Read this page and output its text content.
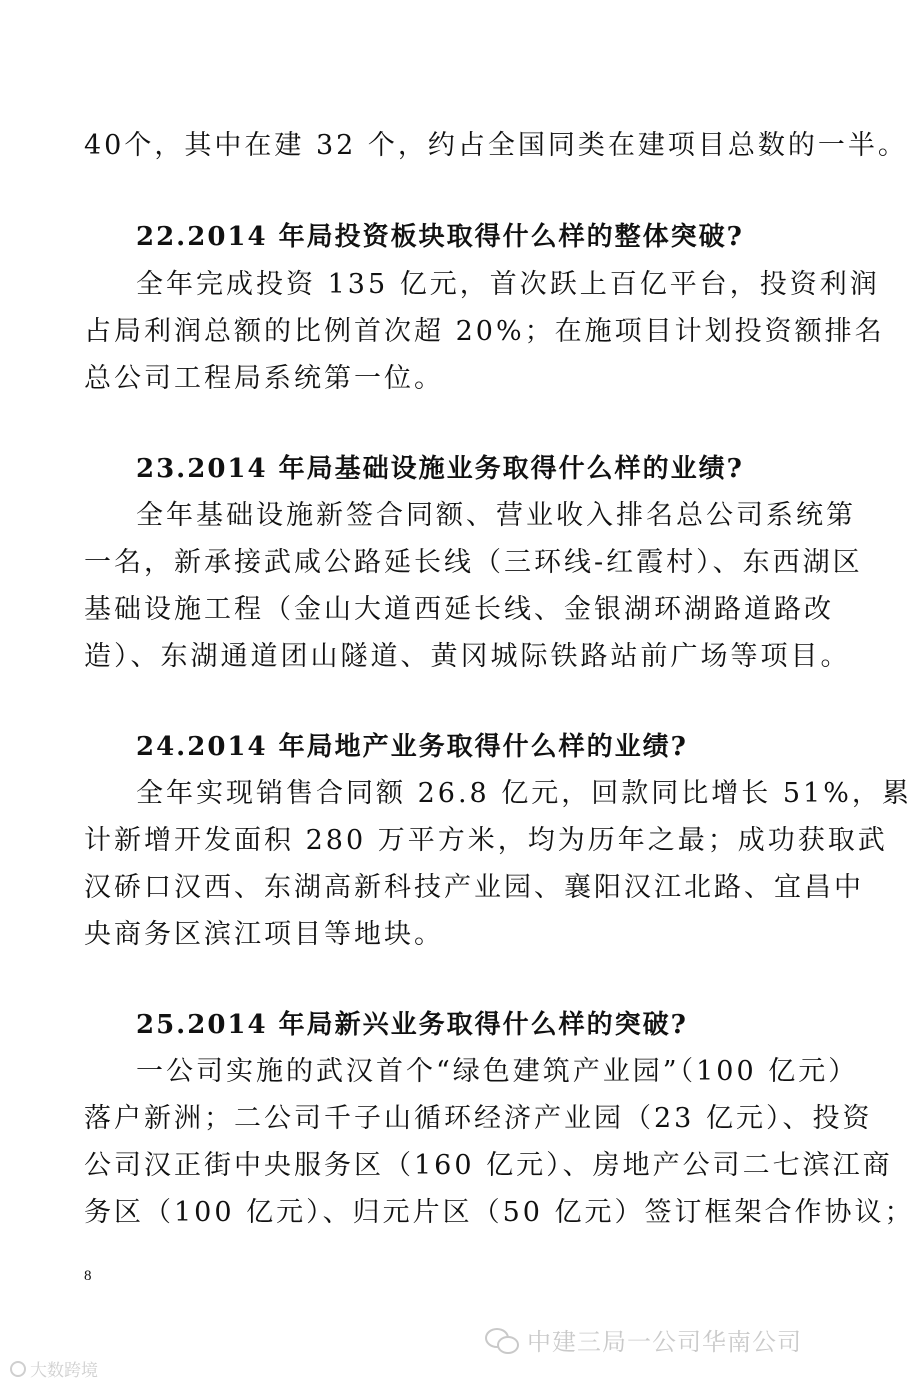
40个，其中在建 32 个，约占全国同类在建项目总数的一半。
22.2014 年局投资板块取得什么样的整体突破?
全年完成投资 135 亿元，首次跃上百亿平台，投资利润
占局利润总额的比例首次超 20%；在施项目计划投资额排名
总公司工程局系统第一位。
23.2014 年局基础设施业务取得什么样的业绩?
全年基础设施新签合同额、营业收入排名总公司系统第
一名，新承接武咸公路延长线（三环线-红霞村）、东西湖区
基础设施工程（金山大道西延长线、金银湖环湖路道路改
造）、东湖通道团山隧道、黄冈城际铁路站前广场等项目。
24.2014 年局地产业务取得什么样的业绩?
全年实现销售合同额 26.8 亿元，回款同比增长 51%，累
计新增开发面积 280 万平方米，均为历年之最；成功获取武
汉硚口汉西、东湖高新科技产业园、襄阳汉江北路、宜昌中
央商务区滨江项目等地块。
25.2014 年局新兴业务取得什么样的突破?
一公司实施的武汉首个“绿色建筑产业园”（100 亿元）
落户新洲；二公司千子山循环经济产业园（23 亿元）、投资
公司汉正街中央服务区（160 亿元）、房地产公司二七滨江商
务区（100 亿元）、归元片区（50 亿元）签订框架合作协议；
8
中建三局一公司华南公司
大数跨境
